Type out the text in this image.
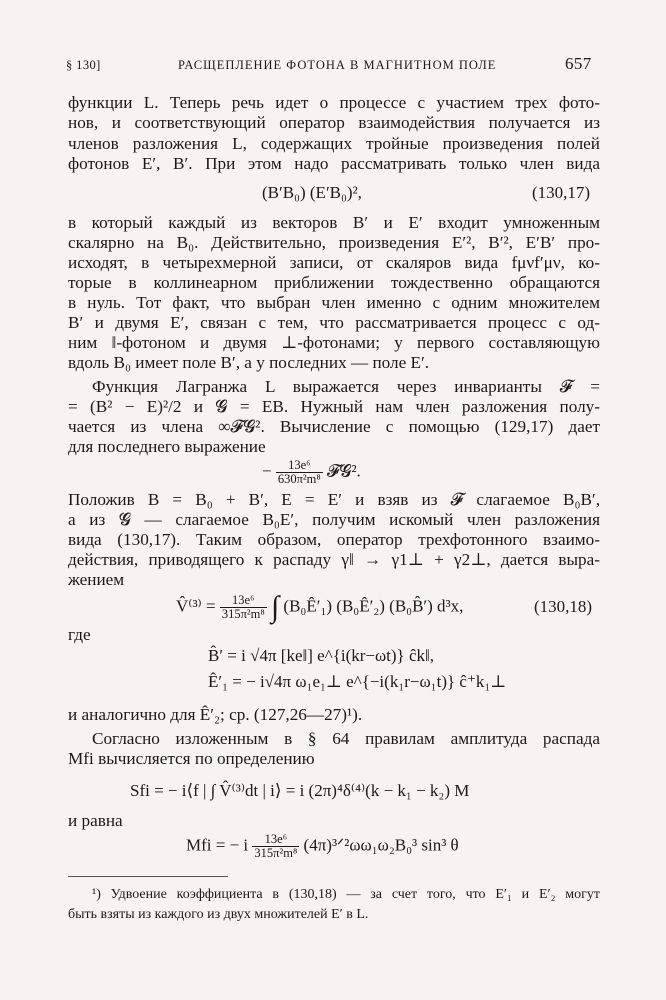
§ 130]	РАСЩЕПЛЕНИЕ ФОТОНА В МАГНИТНОМ ПОЛЕ	657
функции L. Теперь речь идет о процессе с участием трех фото-
нов, и соответствующий оператор взаимодействия получается из
членов разложения L, содержащих тройные произведения полей
фотонов E′, B′. При этом надо рассматривать только член вида
(B′B₀) (E′B₀)²,	(130,17)
в который каждый из векторов B′ и E′ входит умноженным
скалярно на B₀. Действительно, произведения E′², B′², E′B′ про-
исходят, в четырехмерной записи, от скаляров вида fμνf′μν, ко-
торые в коллинеарном приближении тождественно обращаются
в нуль. Тот факт, что выбран член именно с одним множителем
B′ и двумя E′, связан с тем, что рассматривается процесс с од-
ним ‖-фотоном и двумя ⊥-фотонами; у первого составляющую
вдоль B₀ имеет поле B′, а у последних — поле E′.
Функция Лагранжа L выражается через инварианты 𝓕 =
= (B² − E)²/2 и 𝓖 = EB. Нужный нам член разложения полу-
чается из члена ∞𝓕𝓖². Вычисление с помощью (129,17) дает
для последнего выражение
− $\frac{\text{13e⁶}}{\text{630π²m⁸}}$ 𝓕𝓖².
Положив B = B₀ + B′, E = E′ и взяв из 𝓕 слагаемое B₀B′,
а из 𝓖 — слагаемое B₀E′, получим искомый член разложения
вида (130,17). Таким образом, оператор трехфотонного взаимо-
действия, приводящего к распаду γ‖ → γ1⊥ + γ2⊥, дается выра-
жением
V̂⁽³⁾ = $\frac{\text{13e⁶}}{\text{315π²m⁸}}$ ∫ (B₀Ê′₁) (B₀Ê′₂) (B₀B̂′) d³x,	(130,18)
где
B̂′ = i √4π [ke‖] e^{i(kr−ωt)} ĉk‖,
Ê′₁ = − i√4π ω₁e₁⊥ e^{−i(k₁r−ω₁t)} ĉ⁺k₁⊥
и аналогично для Ê′₂; ср. (127,26—27)¹).
Согласно изложенным в § 64 правилам амплитуда распада
Mfi вычисляется по определению
Sfi = − i⟨f | ∫ V̂⁽³⁾dt | i⟩ = i (2π)⁴δ⁽⁴⁾(k − k₁ − k₂) M
и равна
Mfi = − i $\frac{\text{13e⁶}}{\text{315π²m⁸}}$ (4π)³ᐟ²ωω₁ω₂B₀³ sin³ θ
¹) Удвоение коэффициента в (130,18) — за счет того, что E′₁ и E′₂ могут
быть взяты из каждого из двух множителей E′ в L.
